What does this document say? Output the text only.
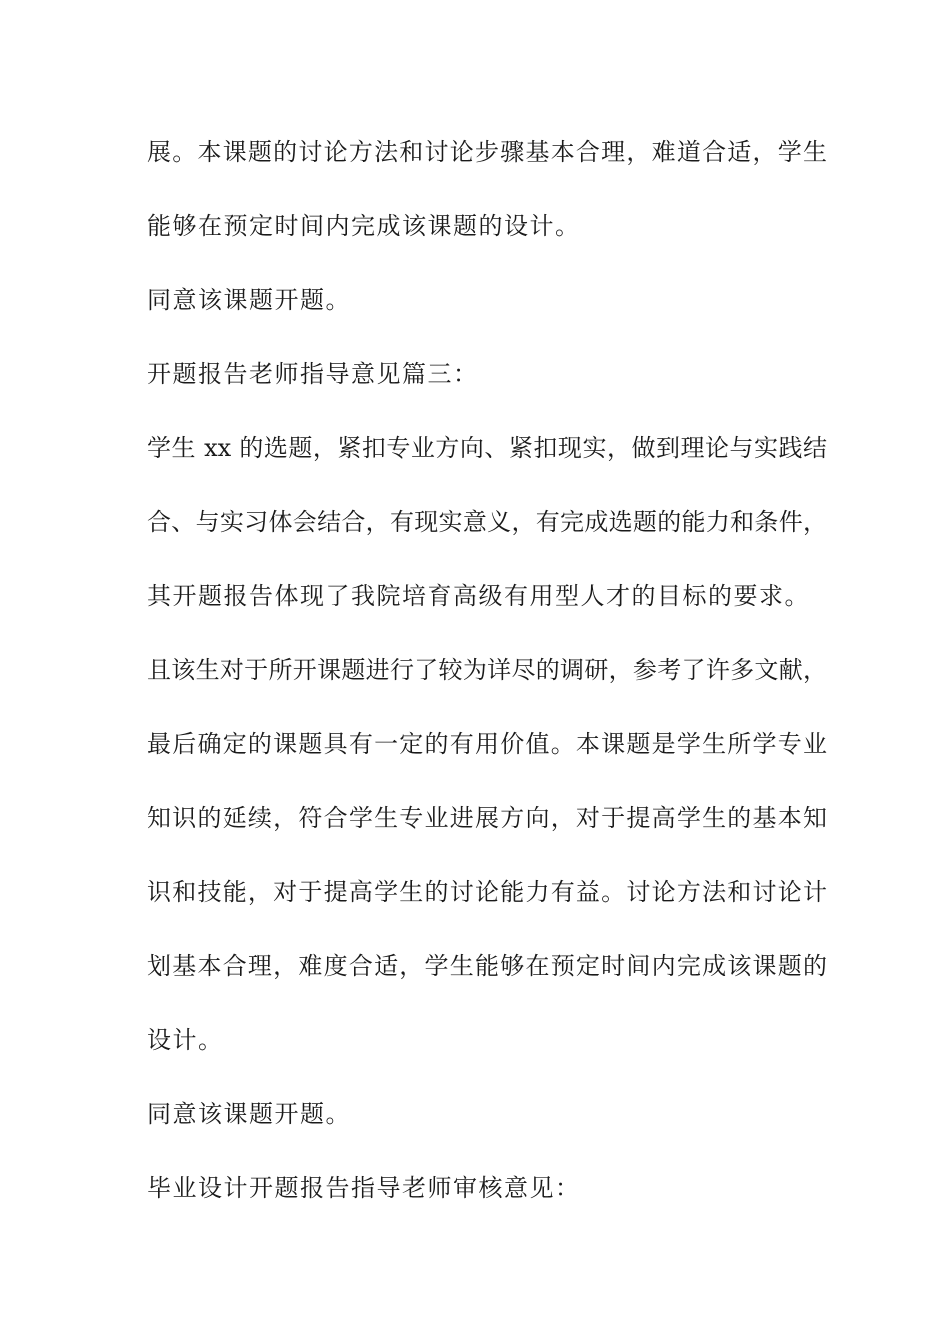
展。本课题的讨论方法和讨论步骤基本合理，难道合适，学生
能够在预定时间内完成该课题的设计。
同意该课题开题。
开题报告老师指导意见篇三：
学生 xx 的选题，紧扣专业方向、紧扣现实，做到理论与实践结
合、与实习体会结合，有现实意义，有完成选题的能力和条件，
其开题报告体现了我院培育高级有用型人才的目标的要求。
且该生对于所开课题进行了较为详尽的调研，参考了许多文献，
最后确定的课题具有一定的有用价值。本课题是学生所学专业
知识的延续，符合学生专业进展方向，对于提高学生的基本知
识和技能，对于提高学生的讨论能力有益。讨论方法和讨论计
划基本合理，难度合适，学生能够在预定时间内完成该课题的
设计。
同意该课题开题。
毕业设计开题报告指导老师审核意见：
